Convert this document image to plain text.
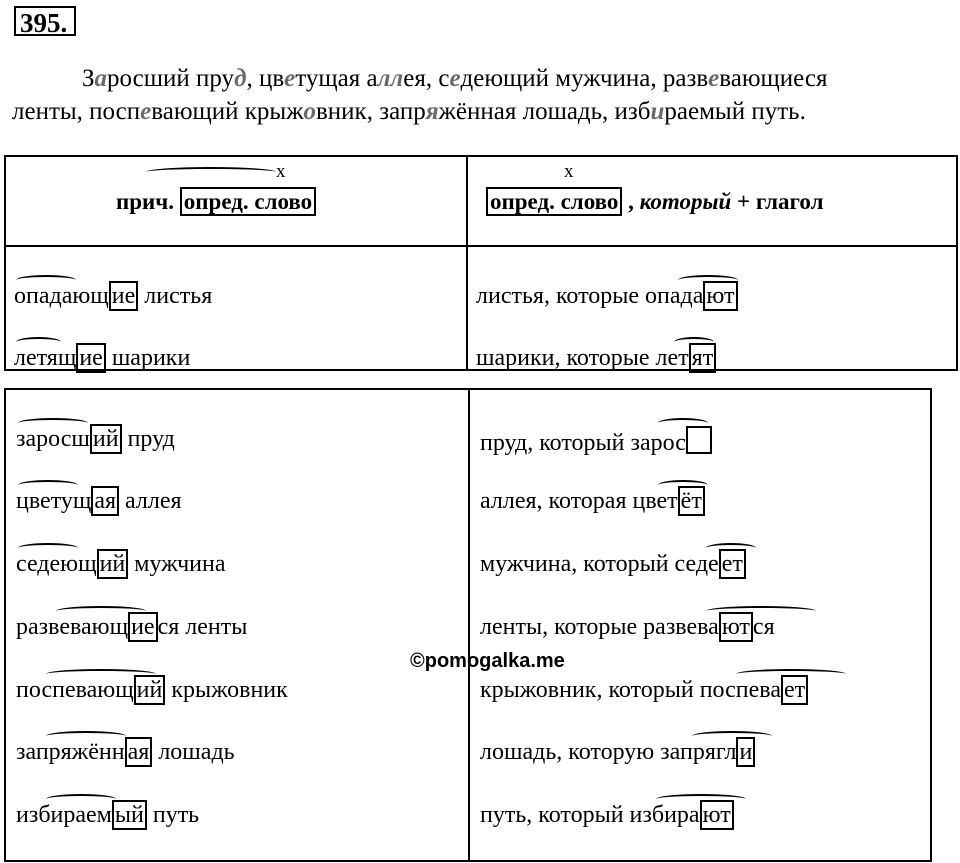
395.
Заросший пруд, цветущая аллея, седеющий мужчина, развевающиеся
ленты, поспевающий крыжовник, запряжённая лошадь, избираемый путь.
x
прич. опред. слово
x
опред. слово , который + глагол
опадающ ие листья	листья, которые опада ют
летящ ие шарики	шарики, которые лет ят
заросш ий пруд	пруд, который зарос
цветущ ая аллея	аллея, которая цвет ёт
седеющ ий мужчина	мужчина, который седе ет
развевающ ие ся ленты	ленты, которые развева ют ся
поспевающ ий крыжовник	крыжовник, который поспева ет
запряжённ ая лошадь	лошадь, которую запрягл и
избираем ый путь	путь, который избира ют
©pomogalka.me
